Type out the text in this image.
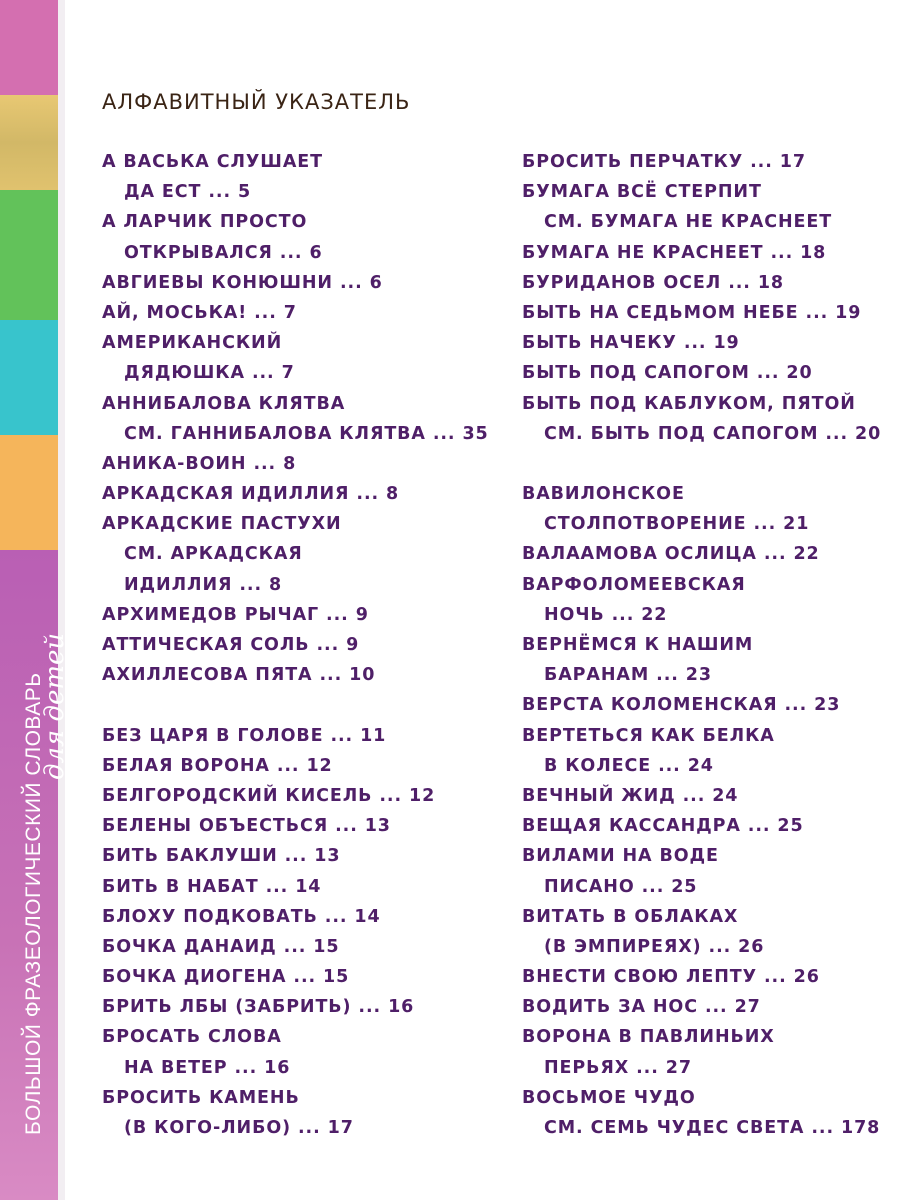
БОЛЬШОЙ ФРАЗЕОЛОГИЧЕСКИЙ СЛОВАРЬ
для детей
АЛФАВИТНЫЙ УКАЗАТЕЛЬ
А ВАСЬКА СЛУШАЕТ
ДА ЕСТ ... 5
А ЛАРЧИК ПРОСТО
ОТКРЫВАЛСЯ ... 6
АВГИЕВЫ КОНЮШНИ ... 6
АЙ, МОСЬКА! ... 7
АМЕРИКАНСКИЙ
ДЯДЮШКА ... 7
АННИБАЛОВА КЛЯТВА
СМ. ГАННИБАЛОВА КЛЯТВА ... 35
АНИКА-ВОИН ... 8
АРКАДСКАЯ ИДИЛЛИЯ ... 8
АРКАДСКИЕ ПАСТУХИ
СМ. АРКАДСКАЯ
ИДИЛЛИЯ ... 8
АРХИМЕДОВ РЫЧАГ ... 9
АТТИЧЕСКАЯ СОЛЬ ... 9
АХИЛЛЕСОВА ПЯТА ... 10
БЕЗ ЦАРЯ В ГОЛОВЕ ... 11
БЕЛАЯ ВОРОНА ... 12
БЕЛГОРОДСКИЙ КИСЕЛЬ ... 12
БЕЛЕНЫ ОБЪЕСТЬСЯ ... 13
БИТЬ БАКЛУШИ ... 13
БИТЬ В НАБАТ ... 14
БЛОХУ ПОДКОВАТЬ ... 14
БОЧКА ДАНАИД ... 15
БОЧКА ДИОГЕНА ... 15
БРИТЬ ЛБЫ (ЗАБРИТЬ) ... 16
БРОСАТЬ СЛОВА
НА ВЕТЕР ... 16
БРОСИТЬ КАМЕНЬ
(В КОГО-ЛИБО) ... 17
БРОСИТЬ ПЕРЧАТКУ ... 17
БУМАГА ВСЁ СТЕРПИТ
СМ. БУМАГА НЕ КРАСНЕЕТ
БУМАГА НЕ КРАСНЕЕТ ... 18
БУРИДАНОВ ОСЕЛ ... 18
БЫТЬ НА СЕДЬМОМ НЕБЕ ... 19
БЫТЬ НАЧЕКУ ... 19
БЫТЬ ПОД САПОГОМ ... 20
БЫТЬ ПОД КАБЛУКОМ, ПЯТОЙ
СМ. БЫТЬ ПОД САПОГОМ ... 20
ВАВИЛОНСКОЕ
СТОЛПОТВОРЕНИЕ ... 21
ВАЛААМОВА ОСЛИЦА ... 22
ВАРФОЛОМЕЕВСКАЯ
НОЧЬ ... 22
ВЕРНЁМСЯ К НАШИМ
БАРАНАМ ... 23
ВЕРСТА КОЛОМЕНСКАЯ ... 23
ВЕРТЕТЬСЯ КАК БЕЛКА
В КОЛЕСЕ ... 24
ВЕЧНЫЙ ЖИД ... 24
ВЕЩАЯ КАССАНДРА ... 25
ВИЛАМИ НА ВОДЕ
ПИСАНО ... 25
ВИТАТЬ В ОБЛАКАХ
(В ЭМПИРЕЯХ) ... 26
ВНЕСТИ СВОЮ ЛЕПТУ ... 26
ВОДИТЬ ЗА НОС ... 27
ВОРОНА В ПАВЛИНЬИХ
ПЕРЬЯХ ... 27
ВОСЬМОЕ ЧУДО
СМ. СЕМЬ ЧУДЕС СВЕТА ... 178
